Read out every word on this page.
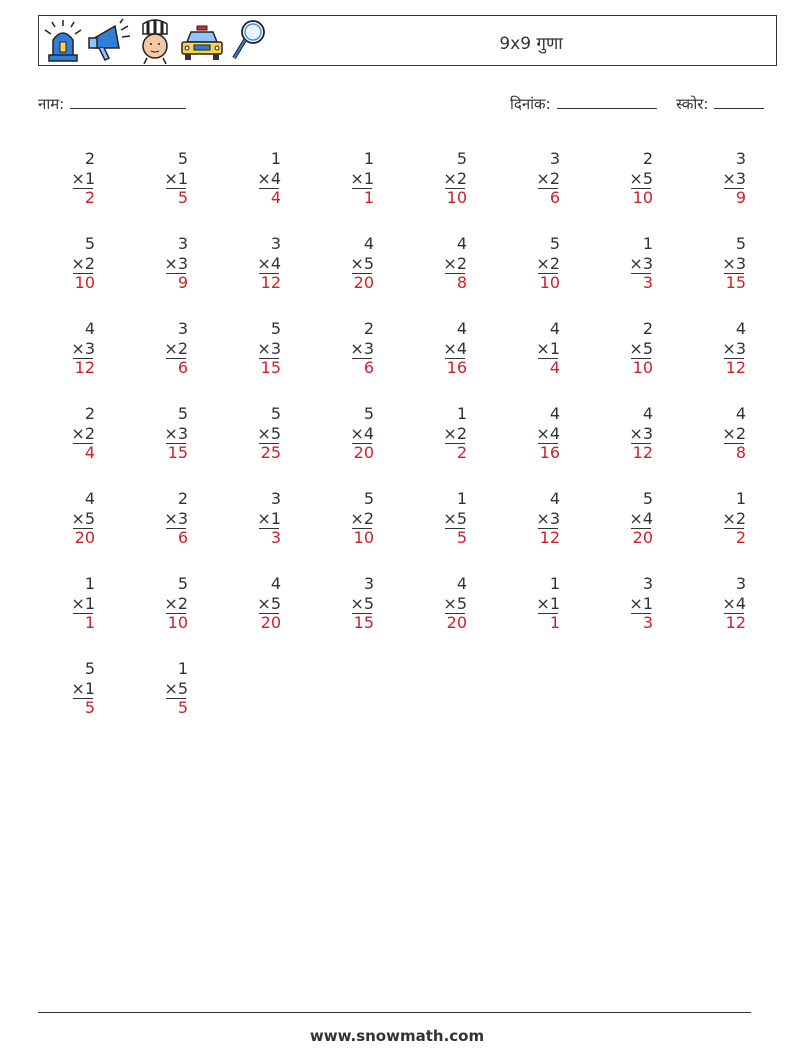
9x9 गुणा
नाम:	दिनांक:	स्कोर:
2
×1
2
5
×1
5
1
×4
4
1
×1
1
5
×2
10
3
×2
6
2
×5
10
3
×3
9
5
×2
10
3
×3
9
3
×4
12
4
×5
20
4
×2
8
5
×2
10
1
×3
3
5
×3
15
4
×3
12
3
×2
6
5
×3
15
2
×3
6
4
×4
16
4
×1
4
2
×5
10
4
×3
12
2
×2
4
5
×3
15
5
×5
25
5
×4
20
1
×2
2
4
×4
16
4
×3
12
4
×2
8
4
×5
20
2
×3
6
3
×1
3
5
×2
10
1
×5
5
4
×3
12
5
×4
20
1
×2
2
1
×1
1
5
×2
10
4
×5
20
3
×5
15
4
×5
20
1
×1
1
3
×1
3
3
×4
12
5
×1
5
1
×5
5
www.snowmath.com
